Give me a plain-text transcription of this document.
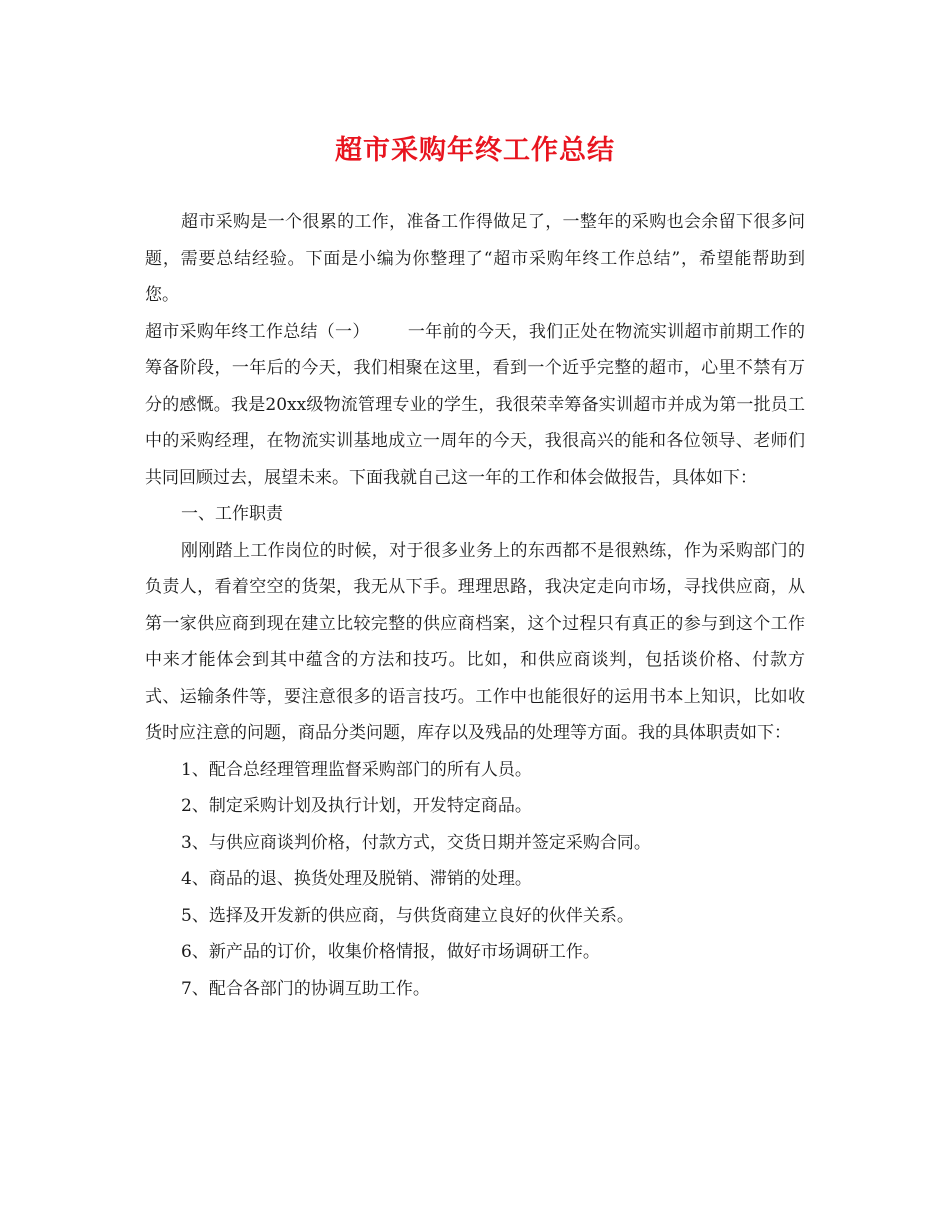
超市采购年终工作总结

超市采购是一个很累的工作，准备工作得做足了，一整年的采购也会余留下很多问题，需要总结经验。下面是小编为你整理了“超市采购年终工作总结”，希望能帮助到您。

超市采购年终工作总结（一） 一年前的今天，我们正处在物流实训超市前期工作的筹备阶段，一年后的今天，我们相聚在这里，看到一个近乎完整的超市，心里不禁有万分的感慨。我是20xx级物流管理专业的学生，我很荣幸筹备实训超市并成为第一批员工中的采购经理，在物流实训基地成立一周年的今天，我很高兴的能和各位领导、老师们共同回顾过去，展望未来。下面我就自己这一年的工作和体会做报告，具体如下：

一、工作职责

刚刚踏上工作岗位的时候，对于很多业务上的东西都不是很熟练，作为采购部门的负责人，看着空空的货架，我无从下手。理理思路，我决定走向市场，寻找供应商，从第一家供应商到现在建立比较完整的供应商档案，这个过程只有真正的参与到这个工作中来才能体会到其中蕴含的方法和技巧。比如，和供应商谈判，包括谈价格、付款方式、运输条件等，要注意很多的语言技巧。工作中也能很好的运用书本上知识，比如收货时应注意的问题，商品分类问题，库存以及残品的处理等方面。我的具体职责如下：

1、配合总经理管理监督采购部门的所有人员。

2、制定采购计划及执行计划，开发特定商品。

3、与供应商谈判价格，付款方式，交货日期并签定采购合同。

4、商品的退、换货处理及脱销、滞销的处理。

5、选择及开发新的供应商，与供货商建立良好的伙伴关系。

6、新产品的订价，收集价格情报，做好市场调研工作。

7、配合各部门的协调互助工作。
